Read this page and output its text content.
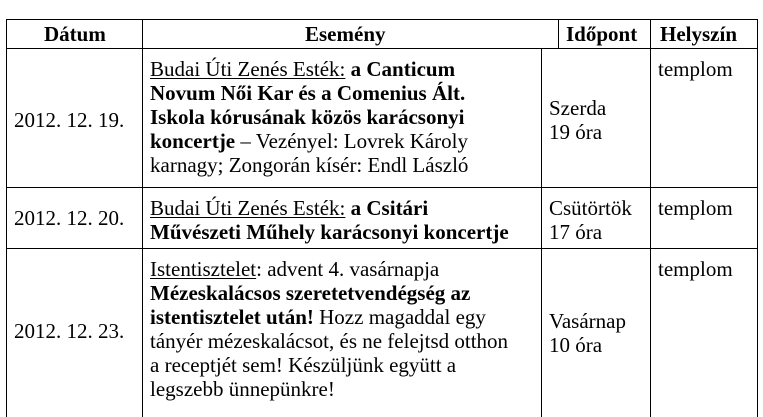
Dátum	Esemény	Időpont Helyszín
2012. 12. 19.
Budai Úti Zenés Esték: a Canticum
Novum Női Kar és a Comenius Ált.
Iskola kórusának közös karácsonyi
koncertje – Vezényel: Lovrek Károly
karnagy; Zongorán kísér: Endl László
Szerda
19 óra
templom
2012. 12. 20. Budai Úti Zenés Esték: a Csitári
Művészeti Műhely karácsonyi koncertje
Csütörtök
17 óra
templom
2012. 12. 23.
Istentisztelet: advent 4. vasárnapja
Mézeskalácsos szeretetvendégség az
istentisztelet után! Hozz magaddal egy
tányér mézeskalácsot, és ne felejtsd otthon
a receptjét sem! Készüljünk együtt a
legszebb ünnepünkre!
Vasárnap
10 óra
templom
